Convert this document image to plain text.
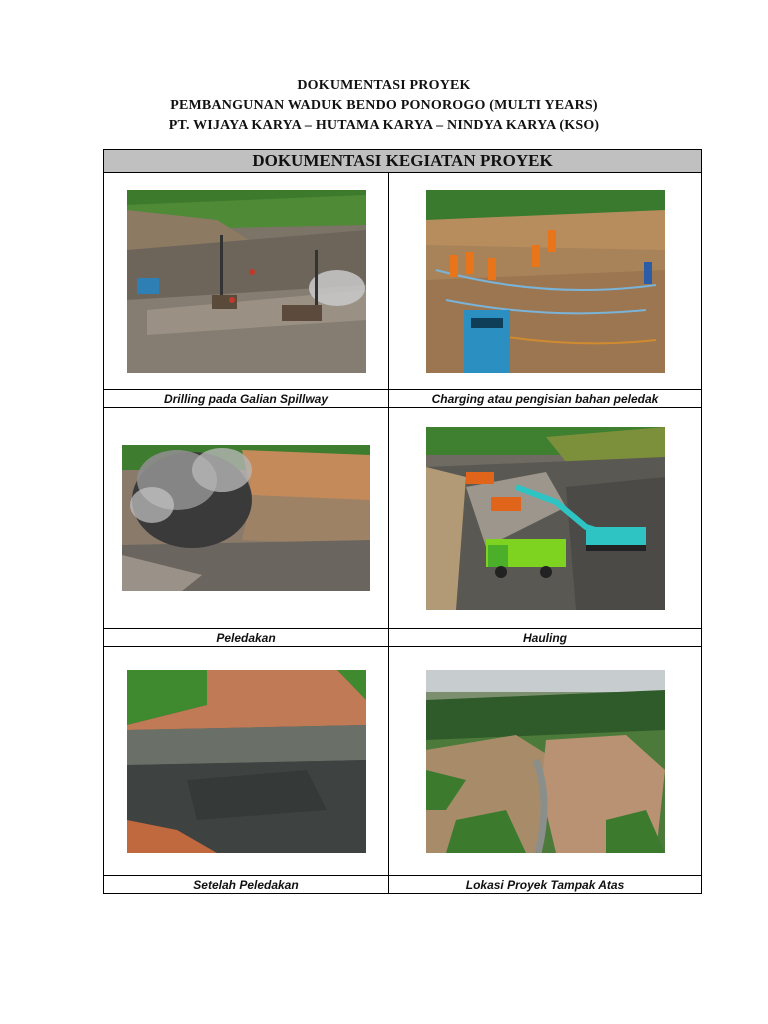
DOKUMENTASI PROYEK
PEMBANGUNAN WADUK BENDO PONOROGO (MULTI YEARS)
PT. WIJAYA KARYA – HUTAMA KARYA – NINDYA KARYA (KSO)
DOKUMENTASI KEGIATAN PROYEK	

Drilling pada Galian Spillway	Charging atau pengisian bahan peledak

Peledakan	Hauling

Setelah Peledakan	Lokasi Proyek Tampak Atas
